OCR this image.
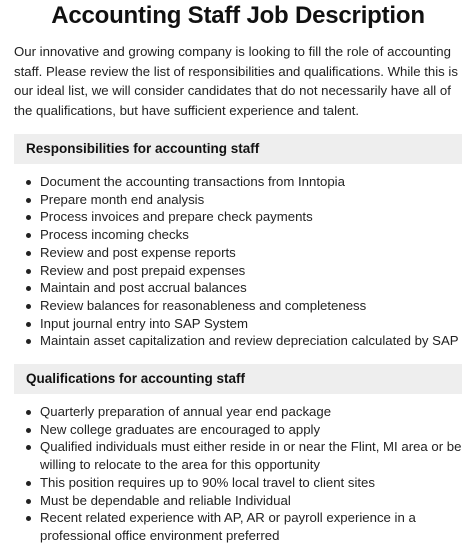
Accounting Staff Job Description

Our innovative and growing company is looking to fill the role of accounting staff. Please review the list of responsibilities and qualifications. While this is our ideal list, we will consider candidates that do not necessarily have all of the qualifications, but have sufficient experience and talent.

Responsibilities for accounting staff
Document the accounting transactions from Inntopia
Prepare month end analysis
Process invoices and prepare check payments
Process incoming checks
Review and post expense reports
Review and post prepaid expenses
Maintain and post accrual balances
Review balances for reasonableness and completeness
Input journal entry into SAP System
Maintain asset capitalization and review depreciation calculated by SAP
Qualifications for accounting staff
Quarterly preparation of annual year end package
New college graduates are encouraged to apply
Qualified individuals must either reside in or near the Flint, MI area or be willing to relocate to the area for this opportunity
This position requires up to 90% local travel to client sites
Must be dependable and reliable Individual
Recent related experience with AP, AR or payroll experience in a professional office environment preferred
